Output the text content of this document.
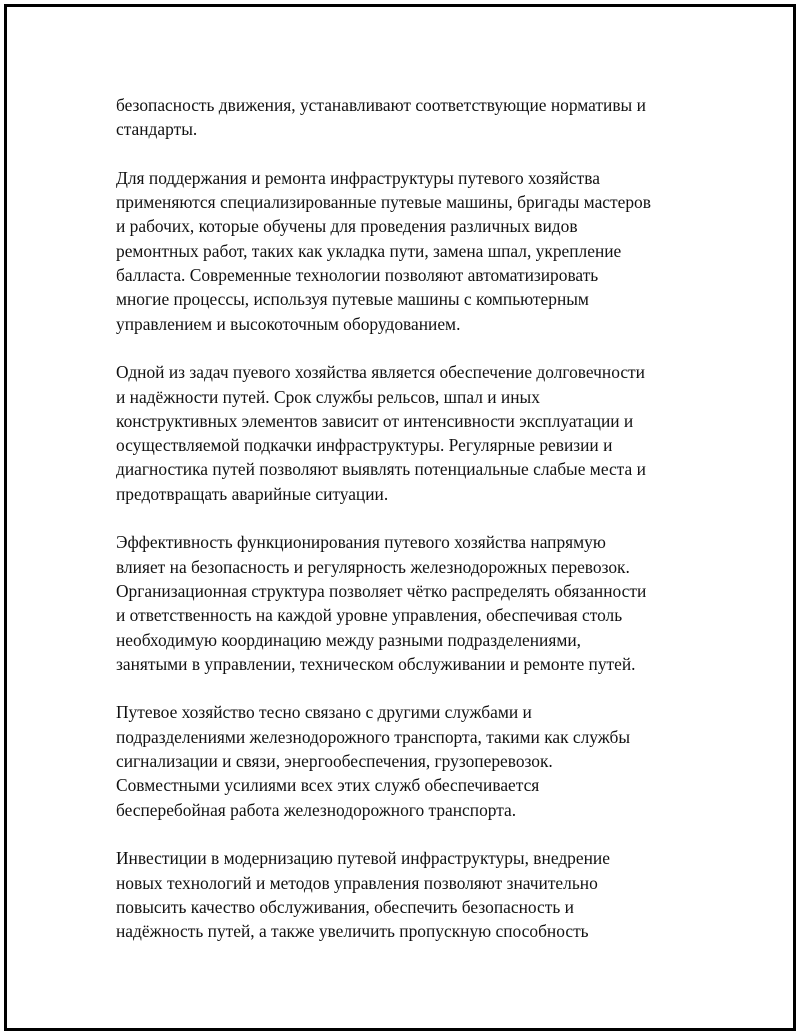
безопасность движения, устанавливают соответствующие нормативы и
стандарты.

Для поддержания и ремонта инфраструктуры путевого хозяйства
применяются специализированные путевые машины, бригады мастеров
и рабочих, которые обучены для проведения различных видов
ремонтных работ, таких как укладка пути, замена шпал, укрепление
балласта. Современные технологии позволяют автоматизировать
многие процессы, используя путевые машины с компьютерным
управлением и высокоточным оборудованием.

Одной из задач пуевого хозяйства является обеспечение долговечности
и надёжности путей. Срок службы рельсов, шпал и иных
конструктивных элементов зависит от интенсивности эксплуатации и
осуществляемой подкачки инфраструктуры. Регулярные ревизии и
диагностика путей позволяют выявлять потенциальные слабые места и
предотвращать аварийные ситуации.

Эффективность функционирования путевого хозяйства напрямую
влияет на безопасность и регулярность железнодорожных перевозок.
Организационная структура позволяет чётко распределять обязанности
и ответственность на каждой уровне управления, обеспечивая столь
необходимую координацию между разными подразделениями,
занятыми в управлении, техническом обслуживании и ремонте путей.

Путевое хозяйство тесно связано с другими службами и
подразделениями железнодорожного транспорта, такими как службы
сигнализации и связи, энергообеспечения, грузоперевозок.
Совместными усилиями всех этих служб обеспечивается
бесперебойная работа железнодорожного транспорта.

Инвестиции в модернизацию путевой инфраструктуры, внедрение
новых технологий и методов управления позволяют значительно
повысить качество обслуживания, обеспечить безопасность и
надёжность путей, а также увеличить пропускную способность
